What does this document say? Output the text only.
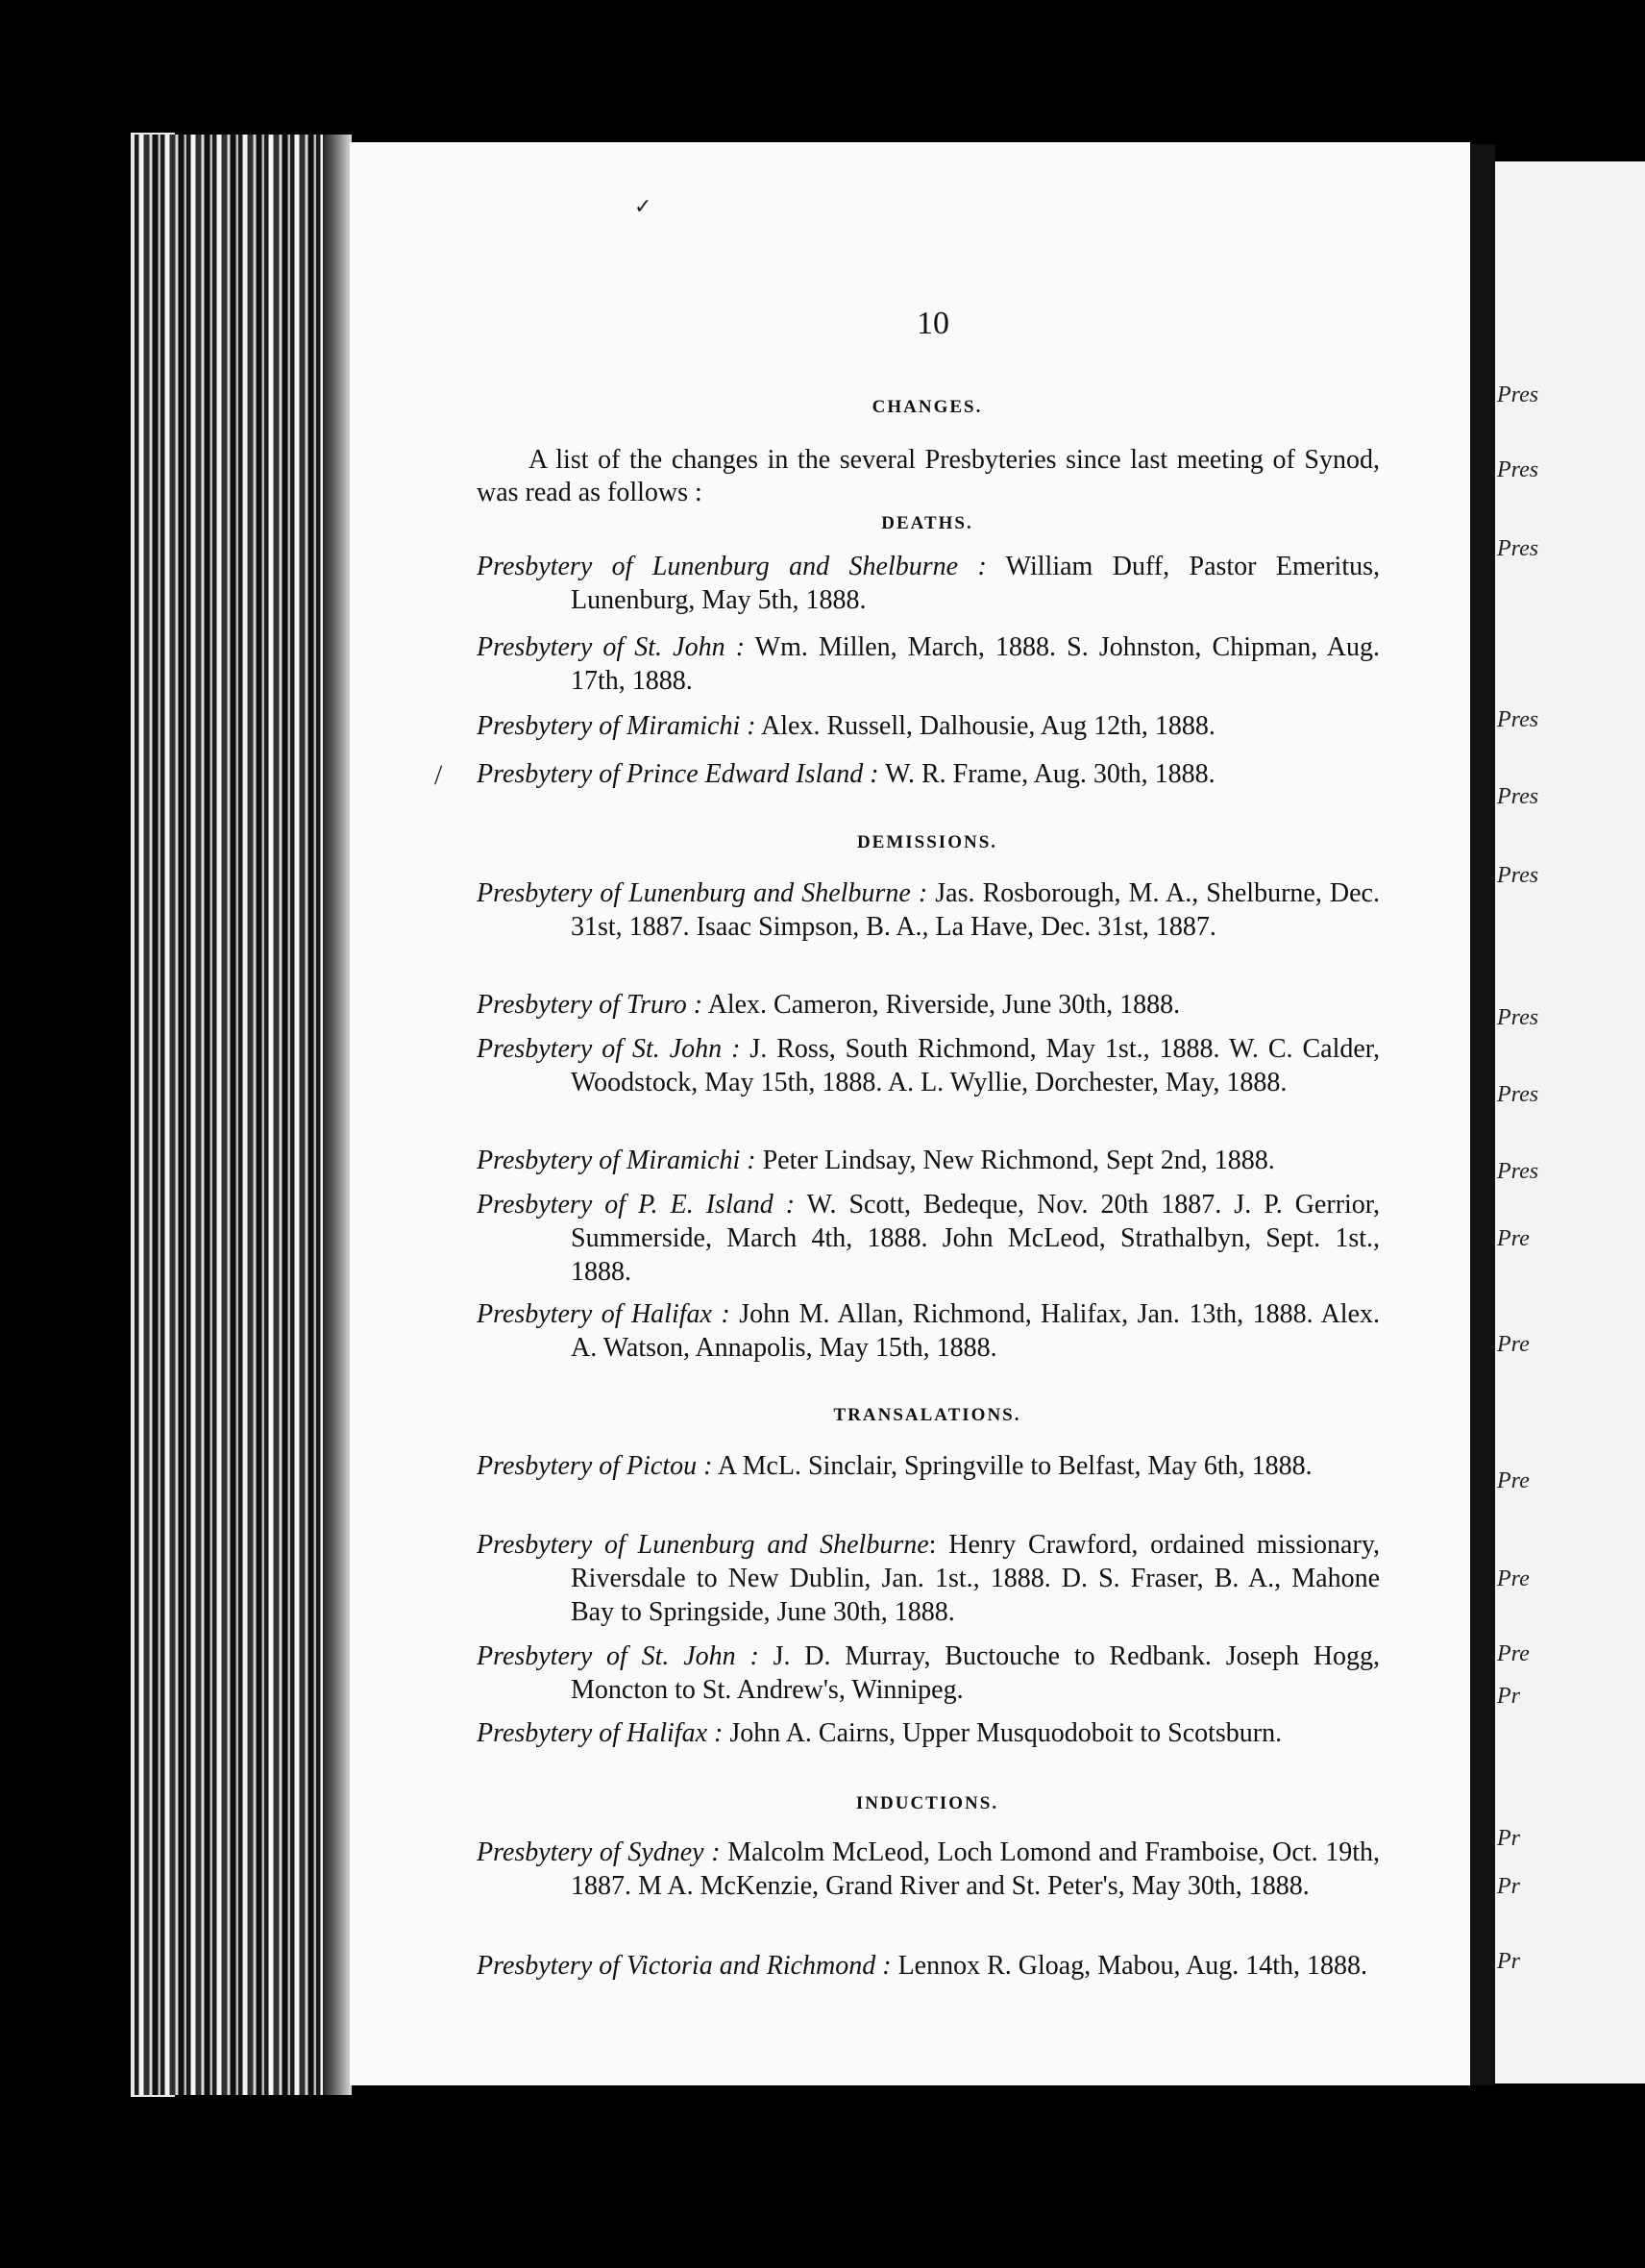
Pres
Pres
Pres
Pres
Pres
Pres
Pres
Pres
Pres
Pre
Pre
Pre
Pre
Pre
Pr
Pr
Pr
Pr
✓
/
10
CHANGES.
A list of the changes in the several Presbyteries since last meeting of Synod, was read as follows :
DEATHS.
Presbytery of Lunenburg and Shelburne : William Duff, Pastor Emeritus, Lunenburg, May 5th, 1888.
Presbytery of St. John : Wm. Millen, March, 1888. S. Johnston, Chipman, Aug. 17th, 1888.
Presbytery of Miramichi : Alex. Russell, Dalhousie, Aug 12th, 1888.
Presbytery of Prince Edward Island : W. R. Frame, Aug. 30th, 1888.
DEMISSIONS.
Presbytery of Lunenburg and Shelburne : Jas. Rosborough, M. A., Shelburne, Dec. 31st, 1887. Isaac Simpson, B. A., La Have, Dec. 31st, 1887.
Presbytery of Truro : Alex. Cameron, Riverside, June 30th, 1888.
Presbytery of St. John : J. Ross, South Richmond, May 1st., 1888. W. C. Calder, Woodstock, May 15th, 1888. A. L. Wyllie, Dorchester, May, 1888.
Presbytery of Miramichi : Peter Lindsay, New Richmond, Sept 2nd, 1888.
Presbytery of P. E. Island : W. Scott, Bedeque, Nov. 20th 1887. J. P. Gerrior, Summerside, March 4th, 1888. John McLeod, Strathalbyn, Sept. 1st., 1888.
Presbytery of Halifax : John M. Allan, Richmond, Halifax, Jan. 13th, 1888. Alex. A. Watson, Annapolis, May 15th, 1888.
TRANSALATIONS.
Presbytery of Pictou : A McL. Sinclair, Springville to Belfast, May 6th, 1888.
Presbytery of Lunenburg and Shelburne: Henry Crawford, ordained missionary, Riversdale to New Dublin, Jan. 1st., 1888. D. S. Fraser, B. A., Mahone Bay to Springside, June 30th, 1888.
Presbytery of St. John : J. D. Murray, Buctouche to Redbank. Joseph Hogg, Moncton to St. Andrew's, Winnipeg.
Presbytery of Halifax : John A. Cairns, Upper Musquodoboit to Scotsburn.
INDUCTIONS.
Presbytery of Sydney : Malcolm McLeod, Loch Lomond and Framboise, Oct. 19th, 1887. M A. McKenzie, Grand River and St. Peter's, May 30th, 1888.
Presbytery of Victoria and Richmond : Lennox R. Gloag, Mabou, Aug. 14th, 1888.
